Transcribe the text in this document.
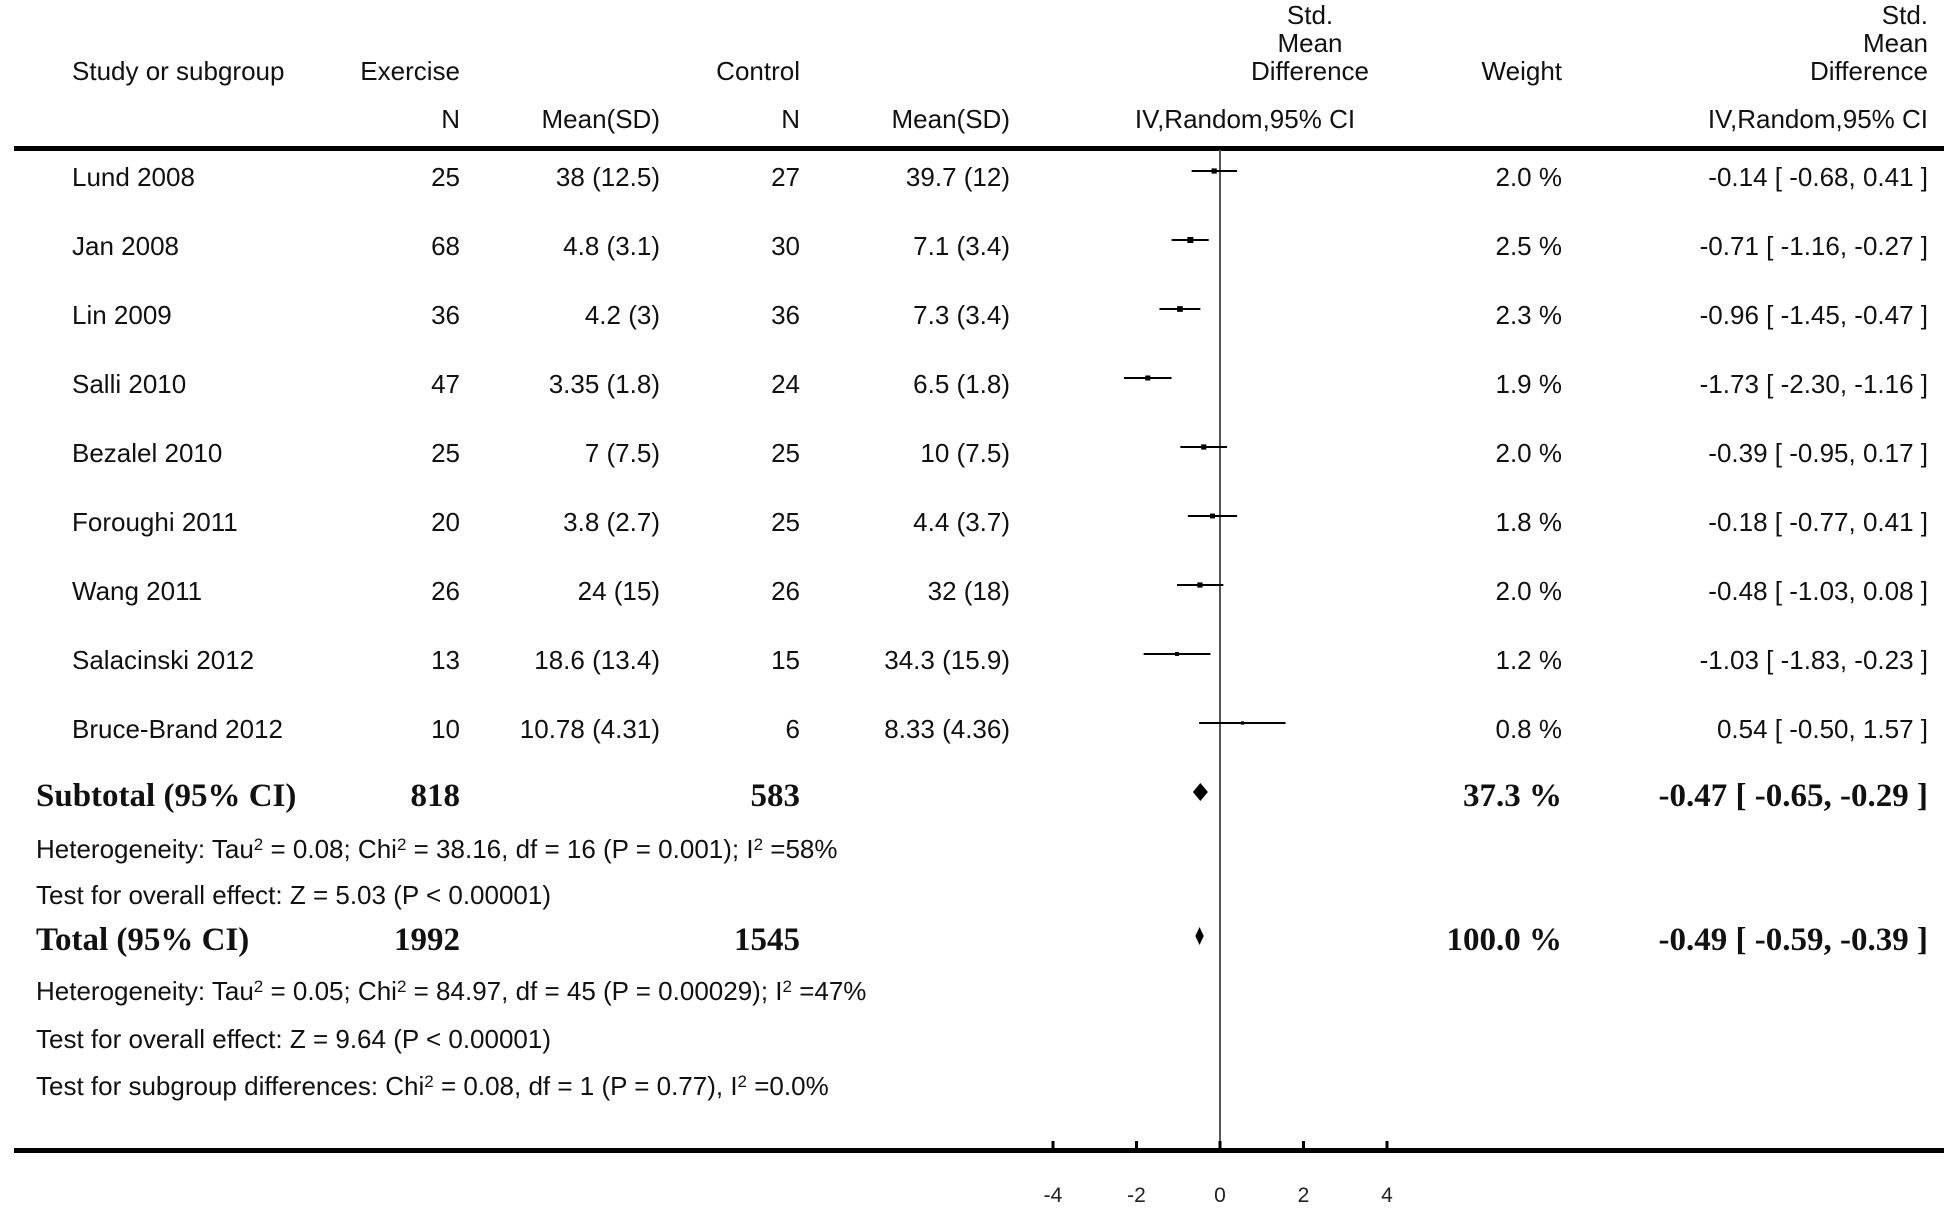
Std.
Mean
Difference
Std.
Mean
Difference
Study or subgroup	Exercise	Control	Weight
N	Mean(SD)	N	Mean(SD)	IV,Random,95% CI	IV,Random,95% CI
Lund 2008	25	38 (12.5)	27	39.7 (12)	2.0 %	-0.14 [ -0.68, 0.41 ]
Jan 2008	68	4.8 (3.1)	30	7.1 (3.4)	2.5 %	-0.71 [ -1.16, -0.27 ]
Lin 2009	36	4.2 (3)	36	7.3 (3.4)	2.3 %	-0.96 [ -1.45, -0.47 ]
Salli 2010	47	3.35 (1.8)	24	6.5 (1.8)	1.9 %	-1.73 [ -2.30, -1.16 ]
Bezalel 2010	25	7 (7.5)	25	10 (7.5)	2.0 %	-0.39 [ -0.95, 0.17 ]
Foroughi 2011	20	3.8 (2.7)	25	4.4 (3.7)	1.8 %	-0.18 [ -0.77, 0.41 ]
Wang 2011	26	24 (15)	26	32 (18)	2.0 %	-0.48 [ -1.03, 0.08 ]
Salacinski 2012	13	18.6 (13.4)	15	34.3 (15.9)	1.2 %	-1.03 [ -1.83, -0.23 ]
Bruce-Brand 2012	10	10.78 (4.31)	6	8.33 (4.36)	0.8 %	0.54 [ -0.50, 1.57 ]
Subtotal (95% CI)	818	583	37.3 %	-0.47 [ -0.65, -0.29 ]
Heterogeneity: Tau$^2$ = 0.08; Chi$^2$ = 38.16, df = 16 (P = 0.001); $I^2 =58\%$
Test for overall effect: Z = 5.03 (P < 0.00001)
Total (95% CI)	1992	1545	100.0 %	-0.49 [ -0.59, -0.39 ]
Heterogeneity: Tau$^2$ = 0.05; Chi$^2$ = 84.97, df = 45 (P = 0.00029); $I^2 =47\%$
Test for overall effect: Z = 9.64 (P < 0.00001)
Test for subgroup differences: Chi$^2$ = 0.08, df = 1 (P = 0.77), $I^2 =0.0\%$
-4	-2	0	2	4
